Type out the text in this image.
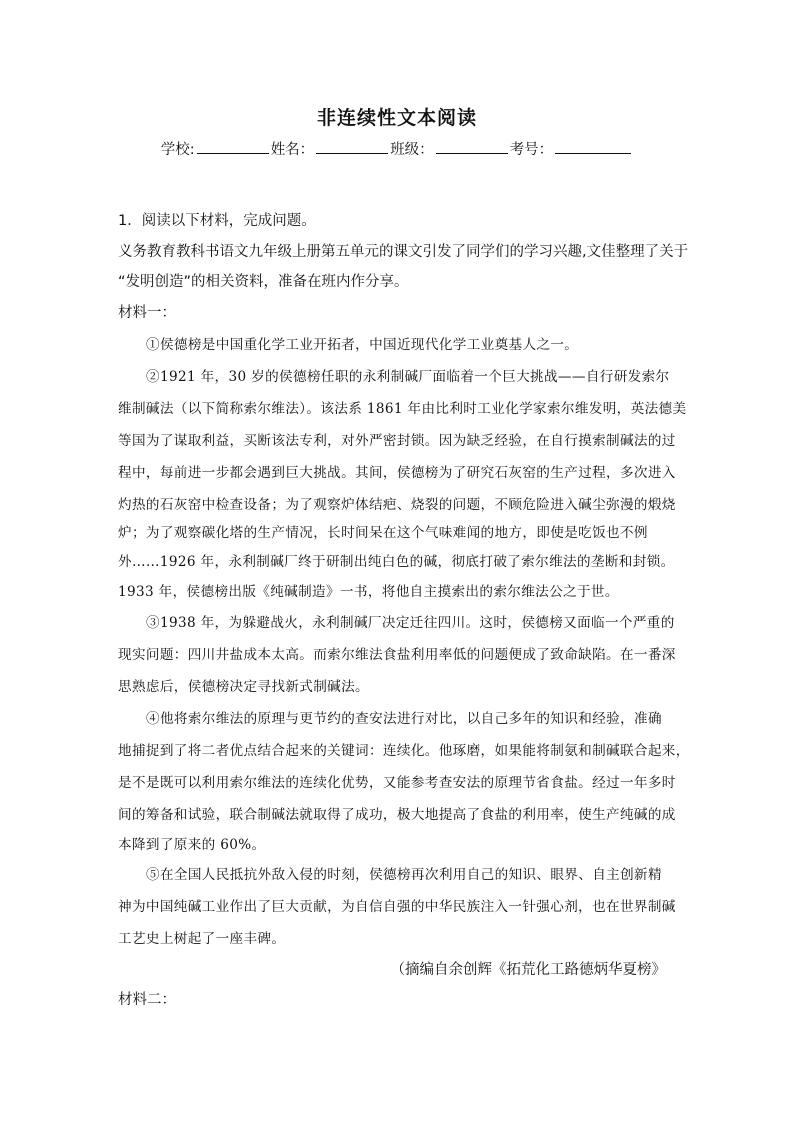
非连续性文本阅读
学校:	姓名：	班级：	考号：
1．阅读以下材料，完成问题。
义务教育教科书语文九年级上册第五单元的课文引发了同学们的学习兴趣,文佳整理了关于
“发明创造”的相关资料，准备在班内作分享。
材料一：
①侯德榜是中国重化学工业开拓者，中国近现代化学工业奠基人之一。
②1921 年，30 岁的侯德榜任职的永利制碱厂面临着一个巨大挑战——自行研发索尔
维制碱法（以下简称索尔维法）。该法系 1861 年由比利时工业化学家索尔维发明，英法德美
等国为了谋取利益，买断该法专利，对外严密封锁。因为缺乏经验，在自行摸索制碱法的过
程中，每前进一步都会遇到巨大挑战。其间，侯德榜为了研究石灰窑的生产过程，多次进入
灼热的石灰窑中检查设备；为了观察炉体结疤、烧裂的问题，不顾危险进入碱尘弥漫的煅烧
炉；为了观察碳化塔的生产情况，长时间呆在这个气味难闻的地方，即使是吃饭也不例
外……1926 年，永利制碱厂终于研制出纯白色的碱，彻底打破了索尔维法的垄断和封锁。
1933 年，侯德榜出版《纯碱制造》一书，将他自主摸索出的索尔维法公之于世。
③1938 年，为躲避战火，永利制碱厂决定迁往四川。这时，侯德榜又面临一个严重的
现实问题：四川井盐成本太高。而索尔维法食盐利用率低的问题便成了致命缺陷。在一番深
思熟虑后，侯德榜决定寻找新式制碱法。
④他将索尔维法的原理与更节约的查安法进行对比，以自己多年的知识和经验，准确
地捕捉到了将二者优点结合起来的关键词：连续化。他琢磨，如果能将制氨和制碱联合起来，
是不是既可以利用索尔维法的连续化优势，又能参考查安法的原理节省食盐。经过一年多时
间的筹备和试验，联合制碱法就取得了成功，极大地提高了食盐的利用率，使生产纯碱的成
本降到了原来的 60%。
⑤在全国人民抵抗外敌入侵的时刻，侯德榜再次利用自己的知识、眼界、自主创新精
神为中国纯碱工业作出了巨大贡献，为自信自强的中华民族注入一针强心剂，也在世界制碱
工艺史上树起了一座丰碑。
（摘编自余创辉《拓荒化工路德炳华夏榜》
材料二：
